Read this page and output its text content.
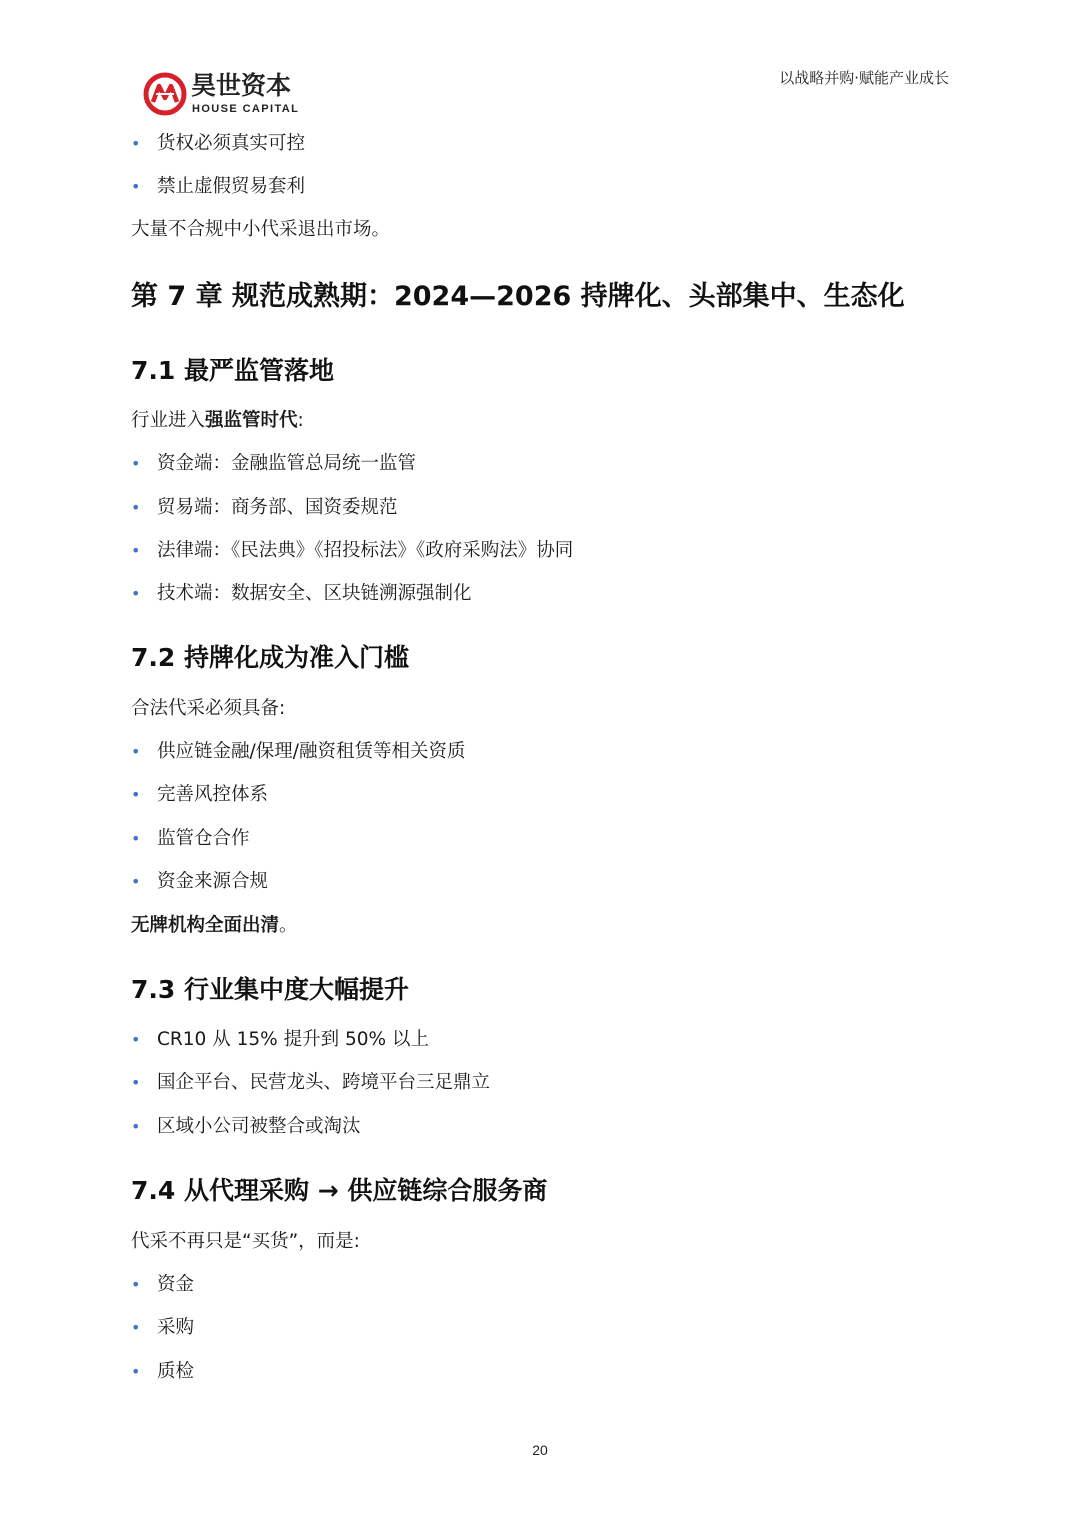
昊世资本
HOUSE CAPITAL
以战略并购·赋能产业成长
• 货权必须真实可控
• 禁止虚假贸易套利
大量不合规中小代采退出市场。
第 7 章 规范成熟期：2024—2026 持牌化、头部集中、生态化
7.1 最严监管落地
行业进入强监管时代:
• 资金端：金融监管总局统一监管
• 贸易端：商务部、国资委规范
• 法律端：《民法典》《招投标法》《政府采购法》协同
• 技术端：数据安全、区块链溯源强制化
7.2 持牌化成为准入门槛
合法代采必须具备:
• 供应链金融/保理/融资租赁等相关资质
• 完善风控体系
• 监管仓合作
• 资金来源合规
无牌机构全面出清。
7.3 行业集中度大幅提升
• CR10 从 15% 提升到 50% 以上
• 国企平台、民营龙头、跨境平台三足鼎立
• 区域小公司被整合或淘汰
7.4 从代理采购 → 供应链综合服务商
代采不再只是“买货”，而是:
• 资金
• 采购
• 质检
20
